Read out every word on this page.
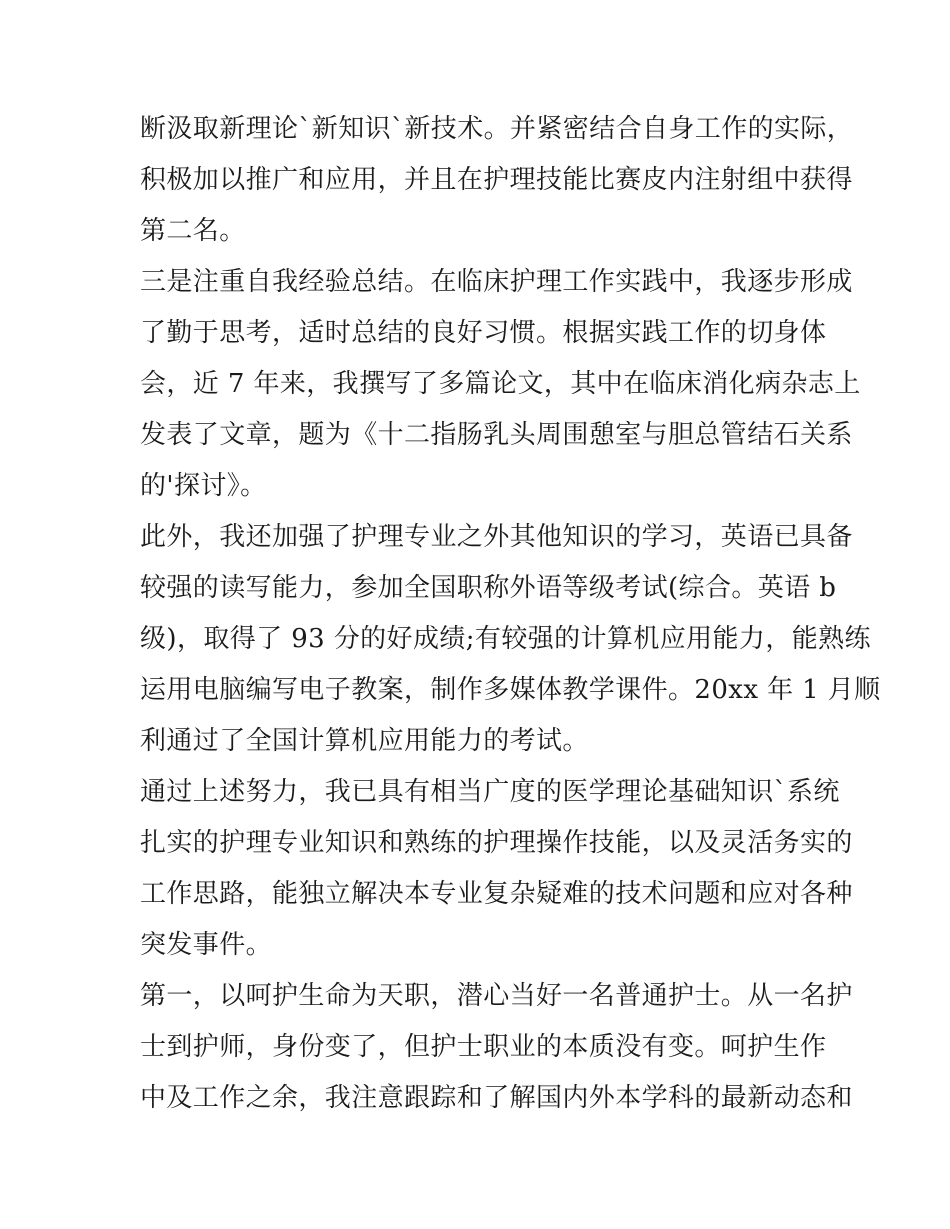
断汲取新理论`新知识`新技术。并紧密结合自身工作的实际，
积极加以推广和应用，并且在护理技能比赛皮内注射组中获得
第二名。
三是注重自我经验总结。在临床护理工作实践中，我逐步形成
了勤于思考，适时总结的良好习惯。根据实践工作的切身体
会，近 7 年来，我撰写了多篇论文，其中在临床消化病杂志上
发表了文章，题为《十二指肠乳头周围憩室与胆总管结石关系
的'探讨》。
此外，我还加强了护理专业之外其他知识的学习，英语已具备
较强的读写能力，参加全国职称外语等级考试(综合。英语 b
级)，取得了 93 分的好成绩;有较强的计算机应用能力，能熟练
运用电脑编写电子教案，制作多媒体教学课件。20xx 年 1 月顺
利通过了全国计算机应用能力的考试。
通过上述努力，我已具有相当广度的医学理论基础知识`系统
扎实的护理专业知识和熟练的护理操作技能，以及灵活务实的
工作思路，能独立解决本专业复杂疑难的技术问题和应对各种
突发事件。
第一，以呵护生命为天职，潜心当好一名普通护士。从一名护
士到护师，身份变了，但护士职业的本质没有变。呵护生作
中及工作之余，我注意跟踪和了解国内外本学科的最新动态和
